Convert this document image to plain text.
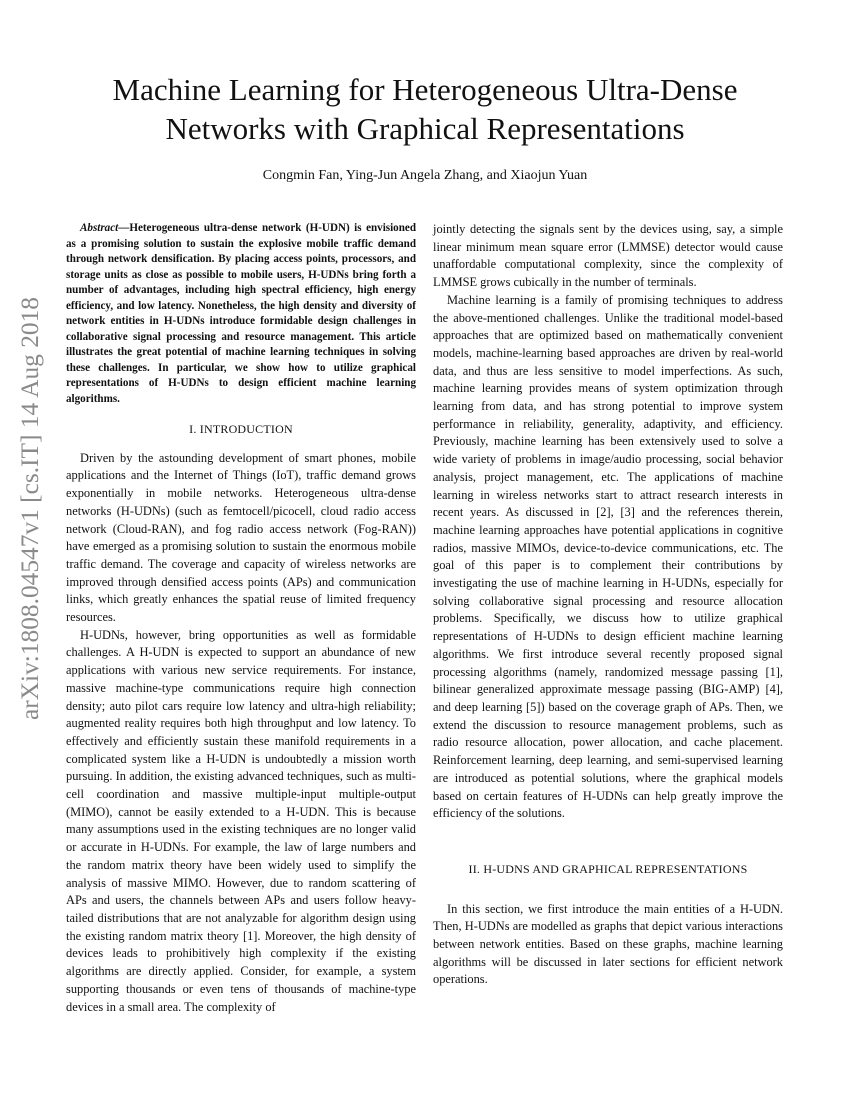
Machine Learning for Heterogeneous Ultra-Dense
Networks with Graphical Representations
Congmin Fan, Ying-Jun Angela Zhang, and Xiaojun Yuan
arXiv:1808.04547v1 [cs.IT] 14 Aug 2018

Abstract—Heterogeneous ultra-dense network (H-UDN) is envisioned as a promising solution to sustain the explosive mobile traffic demand through network densification. By placing access points, processors, and storage units as close as possible to mobile users, H-UDNs bring forth a number of advantages, including high spectral efficiency, high energy efficiency, and low latency. Nonetheless, the high density and diversity of network entities in H-UDNs introduce formidable design challenges in collaborative signal processing and resource management. This article illustrates the great potential of machine learning techniques in solving these challenges. In particular, we show how to utilize graphical representations of H-UDNs to design efficient machine learning algorithms.

I. INTRODUCTION

Driven by the astounding development of smart phones, mobile applications and the Internet of Things (IoT), traffic demand grows exponentially in mobile networks. Heterogeneous ultra-dense networks (H-UDNs) (such as femtocell/picocell, cloud radio access network (Cloud-RAN), and fog radio access network (Fog-RAN)) have emerged as a promising solution to sustain the enormous mobile traffic demand. The coverage and capacity of wireless networks are improved through densified access points (APs) and communication links, which greatly enhances the spatial reuse of limited frequency resources.

H-UDNs, however, bring opportunities as well as formidable challenges. A H-UDN is expected to support an abundance of new applications with various new service requirements. For instance, massive machine-type communications require high connection density; auto pilot cars require low latency and ultra-high reliability; augmented reality requires both high throughput and low latency. To effectively and efficiently sustain these manifold requirements in a complicated system like a H-UDN is undoubtedly a mission worth pursuing. In addition, the existing advanced techniques, such as multi-cell coordination and massive multiple-input multiple-output (MIMO), cannot be easily extended to a H-UDN. This is because many assumptions used in the existing techniques are no longer valid or accurate in H-UDNs. For example, the law of large numbers and the random matrix theory have been widely used to simplify the analysis of massive MIMO. However, due to random scattering of APs and users, the channels between APs and users follow heavy-tailed distributions that are not analyzable for algorithm design using the existing random matrix theory [1]. Moreover, the high density of devices leads to prohibitively high complexity if the existing algorithms are directly applied. Consider, for example, a system supporting thousands or even tens of thousands of machine-type devices in a small area. The complexity of

jointly detecting the signals sent by the devices using, say, a simple linear minimum mean square error (LMMSE) detector would cause unaffordable computational complexity, since the complexity of LMMSE grows cubically in the number of terminals.

Machine learning is a family of promising techniques to address the above-mentioned challenges. Unlike the traditional model-based approaches that are optimized based on mathematically convenient models, machine-learning based approaches are driven by real-world data, and thus are less sensitive to model imperfections. As such, machine learning provides means of system optimization through learning from data, and has strong potential to improve system performance in reliability, generality, adaptivity, and efficiency. Previously, machine learning has been extensively used to solve a wide variety of problems in image/audio processing, social behavior analysis, project management, etc. The applications of machine learning in wireless networks start to attract research interests in recent years. As discussed in [2], [3] and the references therein, machine learning approaches have potential applications in cognitive radios, massive MIMOs, device-to-device communications, etc. The goal of this paper is to complement their contributions by investigating the use of machine learning in H-UDNs, especially for solving collaborative signal processing and resource allocation problems. Specifically, we discuss how to utilize graphical representations of H-UDNs to design efficient machine learning algorithms. We first introduce several recently proposed signal processing algorithms (namely, randomized message passing [1], bilinear generalized approximate message passing (BIG-AMP) [4], and deep learning [5]) based on the coverage graph of APs. Then, we extend the discussion to resource management problems, such as radio resource allocation, power allocation, and cache placement. Reinforcement learning, deep learning, and semi-supervised learning are introduced as potential solutions, where the graphical models based on certain features of H-UDNs can help greatly improve the efficiency of the solutions.

II. H-UDNS AND GRAPHICAL REPRESENTATIONS

In this section, we first introduce the main entities of a H-UDN. Then, H-UDNs are modelled as graphs that depict various interactions between network entities. Based on these graphs, machine learning algorithms will be discussed in later sections for efficient network operations.
